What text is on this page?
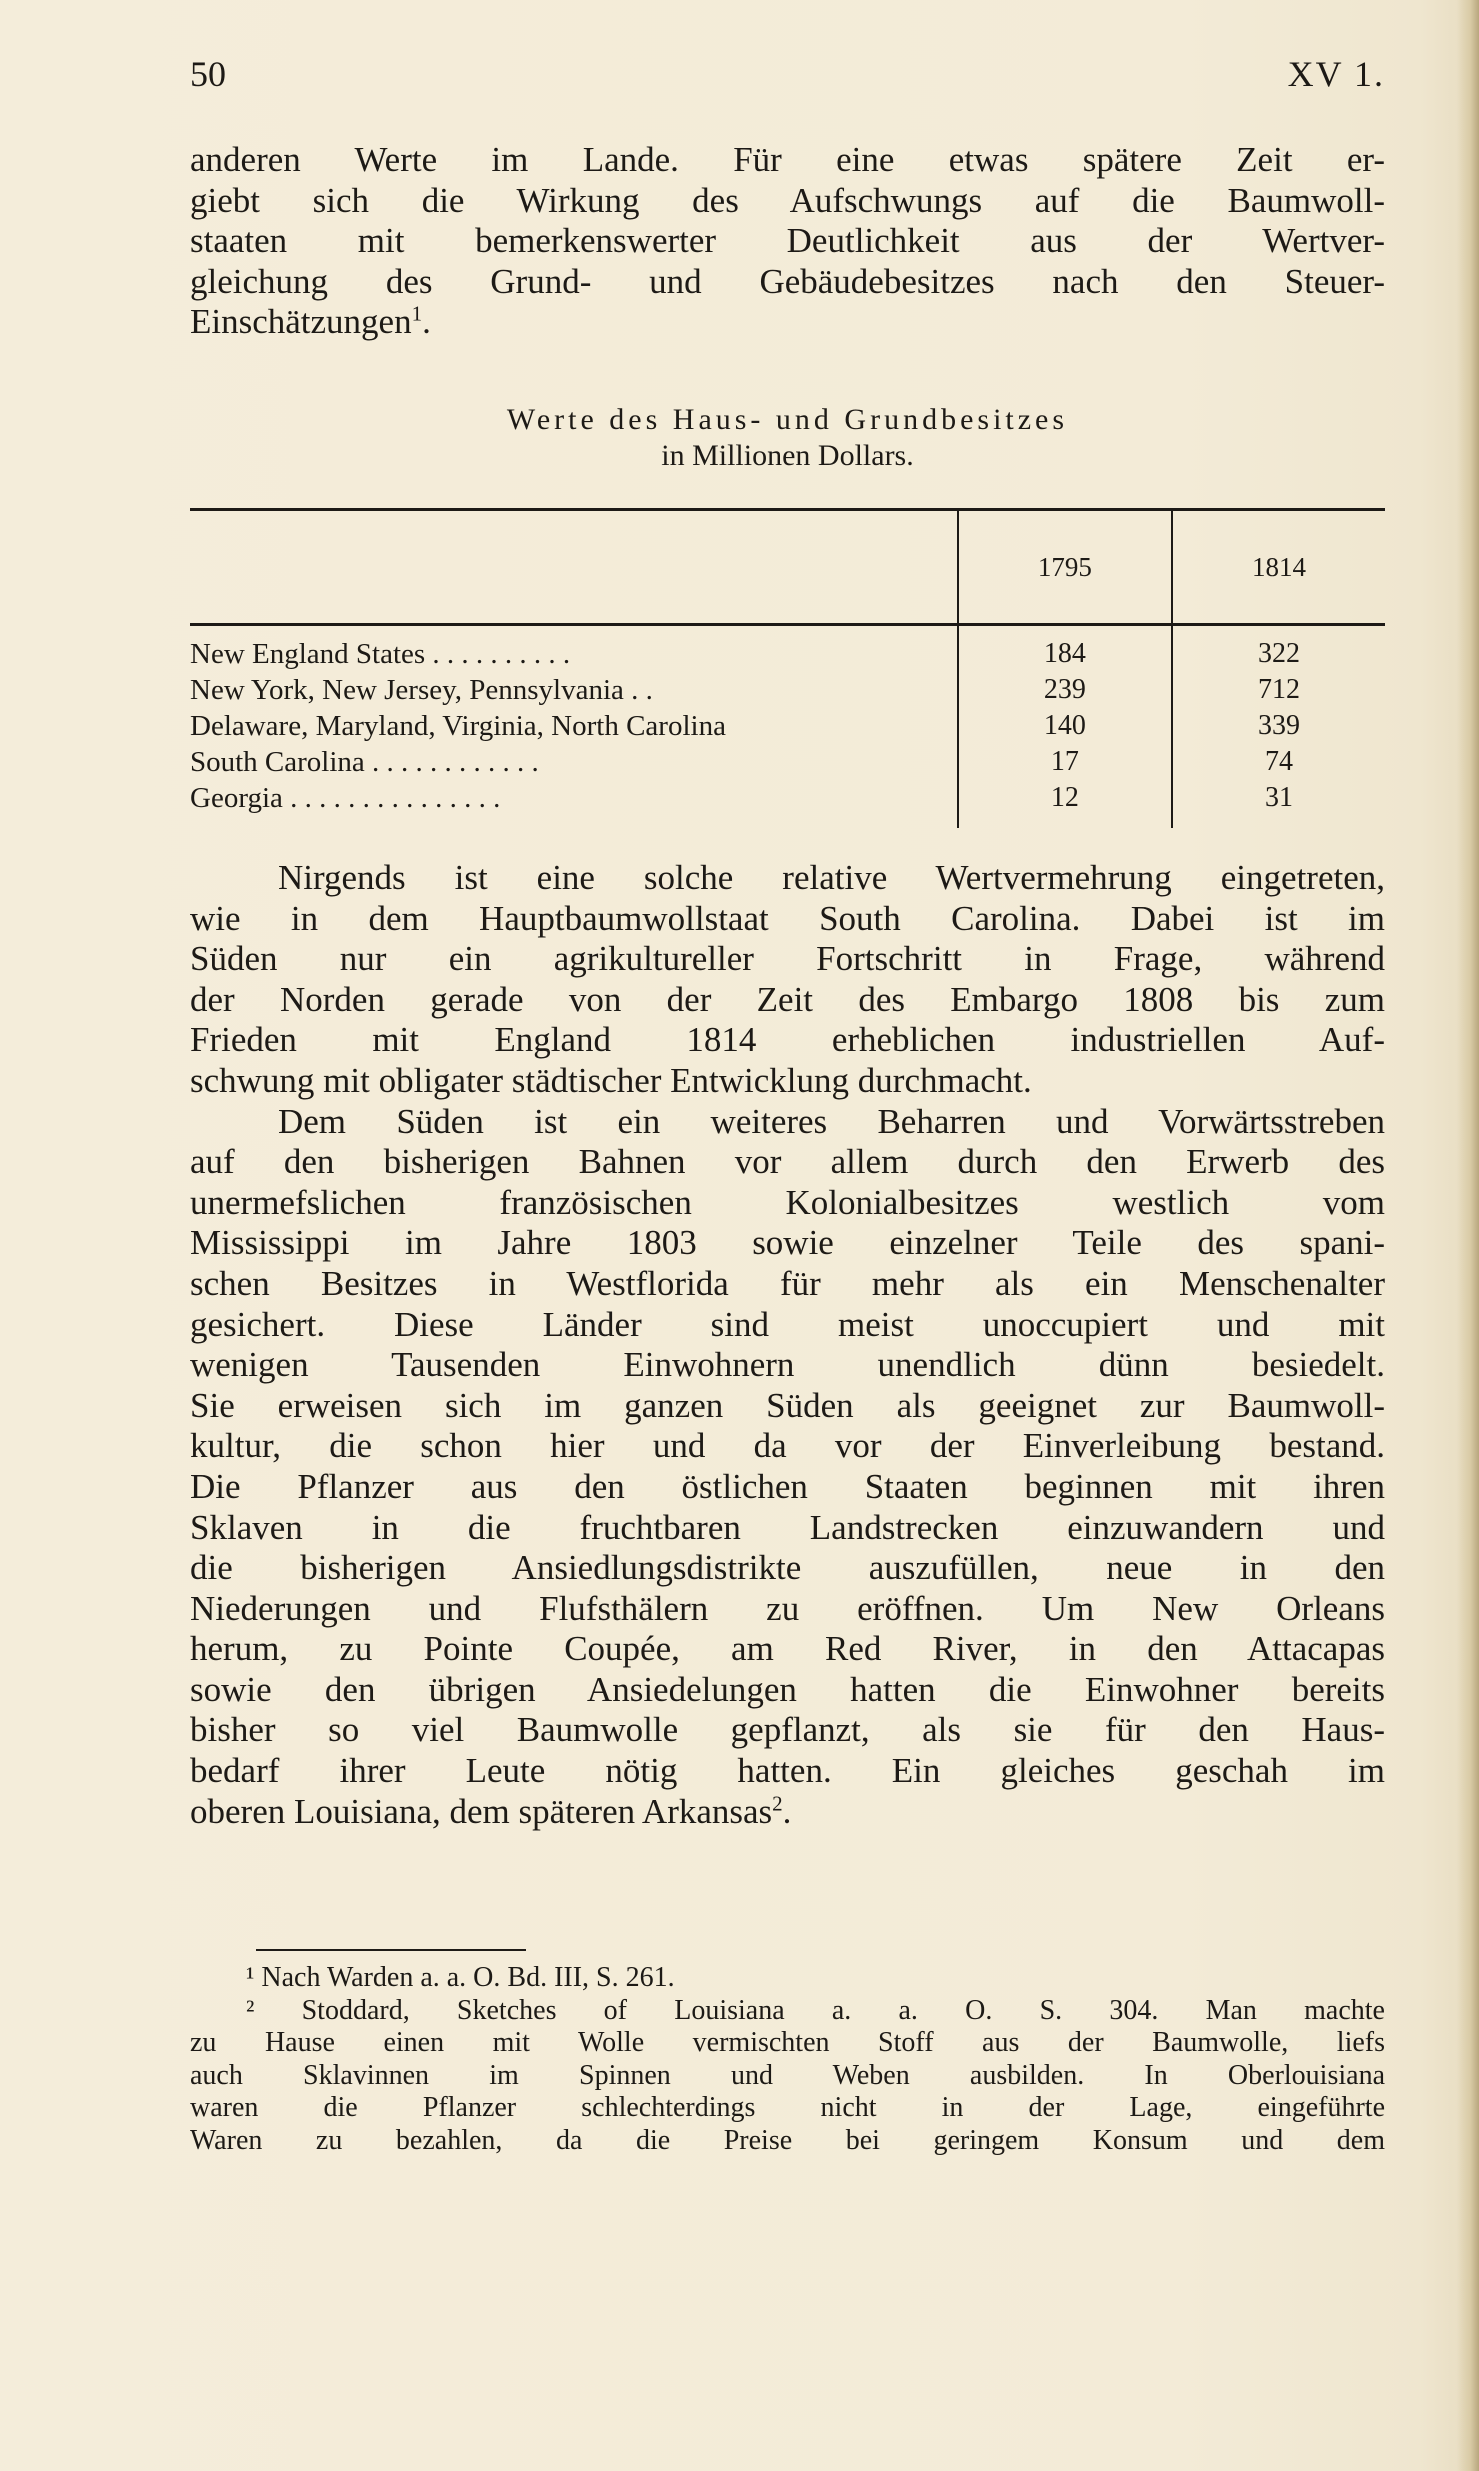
50	XV 1.
anderen Werte im Lande. Für eine etwas spätere Zeit er-
giebt sich die Wirkung des Aufschwungs auf die Baumwoll-
staaten mit bemerkenswerter Deutlichkeit aus der Wertver-
gleichung des Grund- und Gebäudebesitzes nach den Steuer-
Einschätzungen$^1$.
Werte des Haus- und Grundbesitzes
in Millionen Dollars.

	1795	1814
New England States . . . . . . . . . .	184	322
New York, New Jersey, Pennsylvania . .	239	712
Delaware, Maryland, Virginia, North Carolina	140	339
South Carolina . . . . . . . . . . . .	17	74
Georgia . . . . . . . . . . . . . . .	12	31
Nirgends ist eine solche relative Wertvermehrung eingetreten,
wie in dem Hauptbaumwollstaat South Carolina. Dabei ist im
Süden nur ein agrikultureller Fortschritt in Frage, während
der Norden gerade von der Zeit des Embargo 1808 bis zum
Frieden mit England 1814 erheblichen industriellen Auf-
schwung mit obligater städtischer Entwicklung durchmacht.
Dem Süden ist ein weiteres Beharren und Vorwärtsstreben
auf den bisherigen Bahnen vor allem durch den Erwerb des
unermefslichen französischen Kolonialbesitzes westlich vom
Mississippi im Jahre 1803 sowie einzelner Teile des spani-
schen Besitzes in Westflorida für mehr als ein Menschenalter
gesichert. Diese Länder sind meist unoccupiert und mit
wenigen Tausenden Einwohnern unendlich dünn besiedelt.
Sie erweisen sich im ganzen Süden als geeignet zur Baumwoll-
kultur, die schon hier und da vor der Einverleibung bestand.
Die Pflanzer aus den östlichen Staaten beginnen mit ihren
Sklaven in die fruchtbaren Landstrecken einzuwandern und
die bisherigen Ansiedlungsdistrikte auszufüllen, neue in den
Niederungen und Flufsthälern zu eröffnen. Um New Orleans
herum, zu Pointe Coupée, am Red River, in den Attacapas
sowie den übrigen Ansiedelungen hatten die Einwohner bereits
bisher so viel Baumwolle gepflanzt, als sie für den Haus-
bedarf ihrer Leute nötig hatten. Ein gleiches geschah im
oberen Louisiana, dem späteren Arkansas$^2$.
¹ Nach Warden a. a. O. Bd. III, S. 261.
² Stoddard, Sketches of Louisiana a. a. O. S. 304. Man machte
zu Hause einen mit Wolle vermischten Stoff aus der Baumwolle, liefs
auch Sklavinnen im Spinnen und Weben ausbilden. In Oberlouisiana
waren die Pflanzer schlechterdings nicht in der Lage, eingeführte
Waren zu bezahlen, da die Preise bei geringem Konsum und dem
